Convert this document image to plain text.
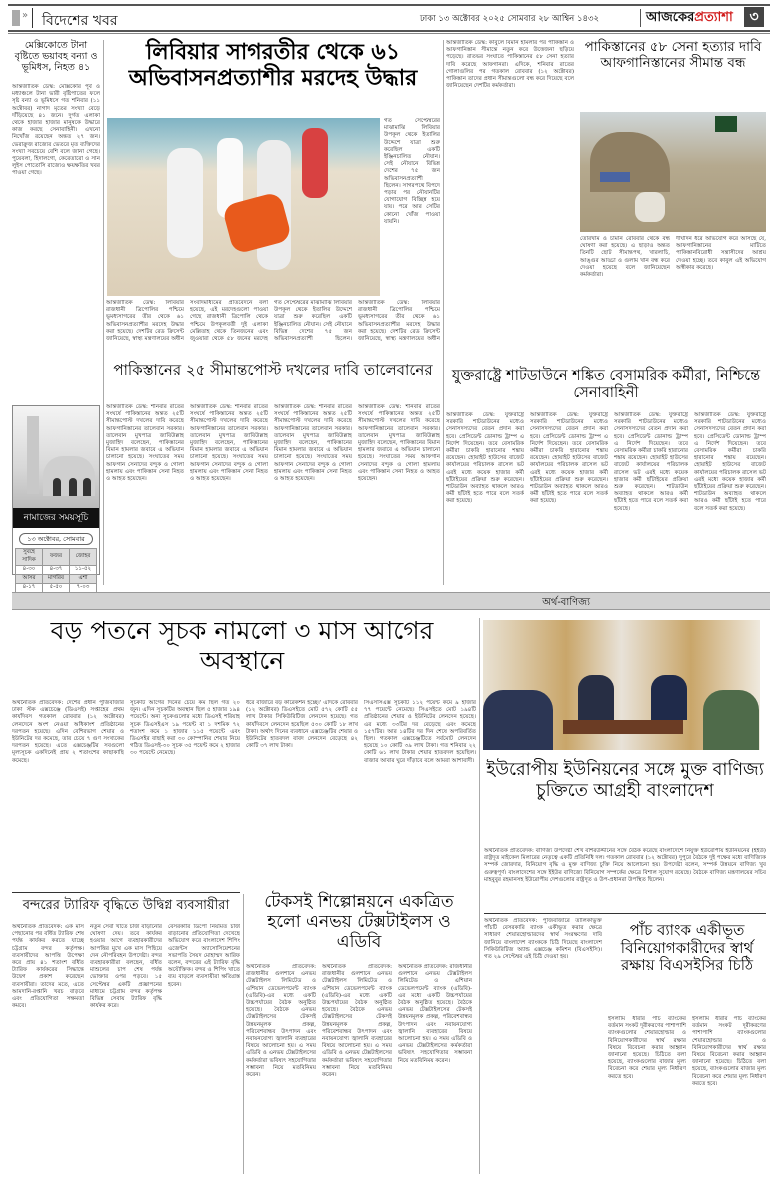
» বিদেশের খবর	ঢাকা ১৩ অক্টোবর ২০২৫ সোমবার ২৮ আশ্বিন ১৪৩২	আজকেরপ্রত্যাশা	৩
মেক্সিকোতে টানা বৃষ্টিতে ভয়াবহ বন্যা ও ভূমিধস, নিহত ৪১
আন্তর্জাতিক ডেস্ক: মেক্সিকোর পূর্ব ও মধ্যাঞ্চলে টানা ভারী বৃষ্টিপাতের ফলে সৃষ্ট বন্যা ও ভূমিধসে গত শনিবার (১১ অক্টোবর) নাগাদ মৃতের সংখ্যা বেড়ে দাঁড়িয়েছে ৪১ জনে। দুর্গত এলাকা থেকে হাজার হাজার মানুষকে উদ্ধারে কাজ করছে সেনাবাহিনী। এখনো নিখোঁজ রয়েছেন অন্তত ২৭ জন। ভেরাক্রুজ রাজ্যের ভেতরে মৃত ব্যক্তিদের সংখ্যা সবচেয়ে বেশি বলে জানা গেছে। পুয়েবলা, হিদালগো, কেরেতারো ও সান লুইস পোতোসি রাজ্যেও ক্ষয়ক্ষতির খবর পাওয়া গেছে।
লিবিয়ার সাগরতীর থেকে ৬১ অভিবাসনপ্রত্যাশীর মরদেহ উদ্ধার
গত সেপ্টেম্বরের মাঝামাঝি লিবিয়ার উপকূল থেকে ইতালির উদ্দেশে যাত্রা শুরু করেছিল একটি ইঞ্জিনচালিত নৌযান। সেই নৌযানে বিভিন্ন দেশের ৭৫ জন অভিবাসনপ্রত্যাশী ছিলেন। সাগরপথে বিপদে পড়ার পর নৌযানটির যোগাযোগ বিচ্ছিন্ন হয়ে যায়। পরে আর সেটির কোনো খোঁজ পাওয়া যায়নি।
আন্তর্জাতিক ডেস্ক: লিবিয়ার রাজধানী ত্রিপোলির পশ্চিমে ভূমধ্যসাগরের তীর থেকে ৬১ অভিবাসনপ্রত্যাশীর মরদেহ উদ্ধার করা হয়েছে। দেশটির রেড ক্রিসেন্ট জানিয়েছে, স্বাস্থ্য মন্ত্রণালয়ের অধীন
সংবাদমাধ্যমের প্রতিবেদনে বলা হয়েছে, এই মরদেহগুলো পাওয়া গেছে রাজধানী ত্রিপোলি থেকে পশ্চিমে উপকূলবর্তী দুই এলাকা মেল্লিতাহ থেকে তিনজনের এবং জুওয়ারা থেকে ৫৮ জনের মরদেহ
গত সেপ্টেম্বরের মাঝামাঝি লিবিয়ার উপকূল থেকে ইতালির উদ্দেশে যাত্রা শুরু করেছিল একটি ইঞ্জিনচালিত নৌযান। সেই নৌযানে বিভিন্ন দেশের ৭৫ জন অভিবাসনপ্রত্যাশী ছিলেন।
আন্তর্জাতিক ডেস্ক: লিবিয়ার রাজধানী ত্রিপোলির পশ্চিমে ভূমধ্যসাগরের তীর থেকে ৬১ অভিবাসনপ্রত্যাশীর মরদেহ উদ্ধার করা হয়েছে। দেশটির রেড ক্রিসেন্ট জানিয়েছে, স্বাস্থ্য মন্ত্রণালয়ের অধীন
আন্তর্জাতিক ডেস্ক: কাবুলে বিমান হামলার পর পাকিস্তান ও আফগানিস্তান সীমান্তে নতুন করে উত্তেজনা ছড়িয়ে পড়েছে। রাতভর সংঘাতে পাকিস্তানের ৫৮ সেনা হত্যার দাবি করেছে আফগানরা। এদিকে, শনিবার রাতের গোলাগুলির পর গতকাল রোববার (১২ অক্টোবর) পাকিস্তান তাদের প্রধান সীমান্তগুলো বন্ধ করে দিয়েছে বলে জানিয়েছেন দেশটির কর্মকর্তারা।
পাকিস্তানের ৫৮ সেনা হত্যার দাবি আফগানিস্তানের সীমান্ত বন্ধ
তোরখাম ও চামান রোববার থেকে বন্ধ ঘোষণা করা হয়েছে। এ ছাড়াও অন্তত তিনটি ছোট সীমান্তপথ, খারলাচি, আঙ্গুর আড্ডা ও গুলাম খান বন্ধ করে দেওয়া হয়েছে বলে জানিয়েছেন কর্মকর্তারা।
দীর্ঘদিন ধরে অভিযোগ করে আসছে যে, আফগানিস্তানের মাটিতে পাকিস্তানবিরোধী সন্ত্রাসীদের আশ্রয় দেওয়া হচ্ছে। তবে কাবুল এই অভিযোগ অস্বীকার করেছে।
পাকিস্তানের ২৫ সীমান্তপোস্ট দখলের দাবি তালেবানের
আন্তর্জাতিক ডেস্ক: শনিবার রাতের সংঘর্ষে পাকিস্তানের অন্তত ২৫টি সীমান্তপোস্ট দখলের দাবি করেছে আফগানিস্তানের তালেবান সরকার। তালেবান মুখপাত্র জাবিউল্লাহ মুজাহিদ বলেছেন, পাকিস্তানের বিমান হামলার জবাবে এ অভিযান চালানো হয়েছে। সংঘাতের সময় আফগান সেনাদের বন্দুক ও গোলা হামলায় এবং পাকিস্তান সেনা নিহত ও আহত হয়েছেন।
আন্তর্জাতিক ডেস্ক: শনিবার রাতের সংঘর্ষে পাকিস্তানের অন্তত ২৫টি সীমান্তপোস্ট দখলের দাবি করেছে আফগানিস্তানের তালেবান সরকার। তালেবান মুখপাত্র জাবিউল্লাহ মুজাহিদ বলেছেন, পাকিস্তানের বিমান হামলার জবাবে এ অভিযান চালানো হয়েছে। সংঘাতের সময় আফগান সেনাদের বন্দুক ও গোলা হামলায় এবং পাকিস্তান সেনা নিহত ও আহত হয়েছেন।
আন্তর্জাতিক ডেস্ক: শনিবার রাতের সংঘর্ষে পাকিস্তানের অন্তত ২৫টি সীমান্তপোস্ট দখলের দাবি করেছে আফগানিস্তানের তালেবান সরকার। তালেবান মুখপাত্র জাবিউল্লাহ মুজাহিদ বলেছেন, পাকিস্তানের বিমান হামলার জবাবে এ অভিযান চালানো হয়েছে। সংঘাতের সময় আফগান সেনাদের বন্দুক ও গোলা হামলায় এবং পাকিস্তান সেনা নিহত ও আহত হয়েছেন।
আন্তর্জাতিক ডেস্ক: শনিবার রাতের সংঘর্ষে পাকিস্তানের অন্তত ২৫টি সীমান্তপোস্ট দখলের দাবি করেছে আফগানিস্তানের তালেবান সরকার। তালেবান মুখপাত্র জাবিউল্লাহ মুজাহিদ বলেছেন, পাকিস্তানের বিমান হামলার জবাবে এ অভিযান চালানো হয়েছে। সংঘাতের সময় আফগান সেনাদের বন্দুক ও গোলা হামলায় এবং পাকিস্তান সেনা নিহত ও আহত হয়েছেন।
নামাজের সময়সূচি
১৩ অক্টোবর, সোমবার
সুবহে সাদিক	ফজর	জোহর
৪-৩০	৪-৩৭	১১-৫২
আসর	মাগরিব	এশা
৪-১৭	৫-৫০	৭-০৩
যুক্তরাষ্ট্রে শাটডাউনে শঙ্কিত বেসামরিক কর্মীরা, নিশ্চিন্তে সেনাবাহিনী
আন্তর্জাতিক ডেস্ক: যুক্তরাষ্ট্রে সরকারি শাটডাউনের মধ্যেও সেনাসদস্যদের বেতন প্রদান করা হবে। প্রেসিডেন্ট ডোনাল্ড ট্রাম্প এ নির্দেশ দিয়েছেন। তবে বেসামরিক কর্মীরা চাকরি হারানোর শঙ্কায় রয়েছেন। হোয়াইট হাউসের বাজেট কার্যালয়ের পরিচালক রাসেল ভট এরই মধ্যে কয়েক হাজার কর্মী ছাঁটাইয়ের প্রক্রিয়া শুরু করেছেন। শাটডাউন অব্যাহত থাকলে আরও কর্মী ছাঁটাই হতে পারে বলে সতর্ক করা হয়েছে।
আন্তর্জাতিক ডেস্ক: যুক্তরাষ্ট্রে সরকারি শাটডাউনের মধ্যেও সেনাসদস্যদের বেতন প্রদান করা হবে। প্রেসিডেন্ট ডোনাল্ড ট্রাম্প এ নির্দেশ দিয়েছেন। তবে বেসামরিক কর্মীরা চাকরি হারানোর শঙ্কায় রয়েছেন। হোয়াইট হাউসের বাজেট কার্যালয়ের পরিচালক রাসেল ভট এরই মধ্যে কয়েক হাজার কর্মী ছাঁটাইয়ের প্রক্রিয়া শুরু করেছেন। শাটডাউন অব্যাহত থাকলে আরও কর্মী ছাঁটাই হতে পারে বলে সতর্ক করা হয়েছে।
আন্তর্জাতিক ডেস্ক: যুক্তরাষ্ট্রে সরকারি শাটডাউনের মধ্যেও সেনাসদস্যদের বেতন প্রদান করা হবে। প্রেসিডেন্ট ডোনাল্ড ট্রাম্প এ নির্দেশ দিয়েছেন। তবে বেসামরিক কর্মীরা চাকরি হারানোর শঙ্কায় রয়েছেন। হোয়াইট হাউসের বাজেট কার্যালয়ের পরিচালক রাসেল ভট এরই মধ্যে কয়েক হাজার কর্মী ছাঁটাইয়ের প্রক্রিয়া শুরু করেছেন। শাটডাউন অব্যাহত থাকলে আরও কর্মী ছাঁটাই হতে পারে বলে সতর্ক করা হয়েছে।
আন্তর্জাতিক ডেস্ক: যুক্তরাষ্ট্রে সরকারি শাটডাউনের মধ্যেও সেনাসদস্যদের বেতন প্রদান করা হবে। প্রেসিডেন্ট ডোনাল্ড ট্রাম্প এ নির্দেশ দিয়েছেন। তবে বেসামরিক কর্মীরা চাকরি হারানোর শঙ্কায় রয়েছেন। হোয়াইট হাউসের বাজেট কার্যালয়ের পরিচালক রাসেল ভট এরই মধ্যে কয়েক হাজার কর্মী ছাঁটাইয়ের প্রক্রিয়া শুরু করেছেন। শাটডাউন অব্যাহত থাকলে আরও কর্মী ছাঁটাই হতে পারে বলে সতর্ক করা হয়েছে।
অর্থ-বাণিজ্য
বড় পতনে সূচক নামলো ৩ মাস আগের অবস্থানে
অর্থনৈতিক প্রতিবেদক: দেশের প্রধান পুঁজিবাজার ঢাকা স্টক এক্সচেঞ্জে (ডিএসই) সপ্তাহের প্রথম কার্যদিবস গতকাল রোববার (১২ অক্টোবর) লেনদেনে অংশ নেওয়া অধিকাংশ প্রতিষ্ঠানের দরপতন হয়েছে। এদিন বেশিরভাগ শেয়ার ও ইউনিটের দর কমেছে, তার চেয়ে ৭ গুণ সংখ্যকের দরপতন হয়েছে। এতে এক্সচেঞ্জটির সবগুলো মূল্যসূচক একদিনেই প্রায় ২ শতাংশের কাছাকাছি কমেছে।
সূচকটি আগের দিনের চেয়ে কম ছিল গত ২০ জুন। এদিন সূচকটির অবস্থান ছিল ৫ হাজার ১৯৪ পয়েন্টে। অন্য সূচকগুলোর মধ্যে ডিএসই শরিয়াহ সূচক ডিএসইএস ১৯ পয়েন্ট বা ১ দশমিক ৭২ শতাংশ কমে ১ হাজার ১১৫ পয়েন্টে এবং ডিএসইর বাছাই করা ৩০ কোম্পানির শেয়ার নিয়ে গঠিত ডিএসই-৩০ সূচক ৩৫ পয়েন্ট কমে ২ হাজার ৩০ পয়েন্টে নেমেছে।
ধরে বাজারে বড় কারেকশন হচ্ছে।' এদিকে রোববার (১২ অক্টোবর) ডিএসইতে মোট ৫৭২ কোটি ৫৫ লাখ টাকার সিকিউরিটিজ লেনদেন হয়েছে। গত কার্যদিবসে লেনদেন হয়েছিল ৫৩০ কোটি ১৮ লাখ টাকা। অর্থাৎ দিনের ব্যবধানে এক্সচেঞ্জটির শেয়ার ও ইউনিটের হাতবদল বাবদ লেনদেন বেড়েছে ৪২ কোটি ৩৭ লাখ টাকা।
সিএসসিএক্স সূচকটি ১১২ পয়েন্ট কমে ৯ হাজার ৭৭ পয়েন্টে নেমেছে। সিএসইতে মোট ১৯৪টি প্রতিষ্ঠানের শেয়ার ও ইউনিটের লেনদেন হয়েছে। এর মধ্যে ৩৩টির দর বেড়েছে এবং কমেছে ১৫৭টির। আর ১৪টির দর দিন শেষে অপরিবর্তিত ছিল। গতকাল এক্সচেঞ্জটিতে সর্বমোট লেনদেন হয়েছে ১০ কোটি ৩৯ লাখ টাকা। গত শনিবার ২২ কোটি ৬১ লাখ টাকার শেয়ার হাতবদল হয়েছিল। বাজার আবার ঘুরে দাঁড়াবে বলে আমরা আশাবাদী। ইউরোপীয় ইউনিয়নের সঙ্গে মুক্ত বাণিজ্য চুক্তিতে আগ্রহী বাংলাদেশ
অর্থনৈতিক প্রতিবেদক: বাণিজ্য উপদেষ্টা শেখ বশিরউদ্দীনের সঙ্গে বৈঠক করেছে বাংলাদেশে নিযুক্ত ইউরোপীয় ইউনিয়নের (ইইউ) রাষ্ট্রদূত মাইকেল মিলারের নেতৃত্বে একটি প্রতিনিধি দল। গতকাল রোববার (১২ অক্টোবর) দুপুরে বৈঠকে দুই পক্ষের মধ্যে বাণিজ্যিক সম্পর্ক জোরদার, বিনিয়োগ বৃদ্ধি ও মুক্ত বাণিজ্য চুক্তি নিয়ে আলোচনা হয়। উপদেষ্টা বলেন, সম্পর্ক উন্নয়নে বাণিজ্য খুব গুরুত্বপূর্ণ। বাংলাদেশের সঙ্গে ইইউর বাণিজ্যে বিনিয়োগ সম্পর্কের ক্ষেত্রে বিশাল সুযোগ রয়েছে। বৈঠকে বাণিজ্য মন্ত্রণালয়ের সচিব মাহবুবুর রহমানসহ ইউরোপীয় দেশগুলোর রাষ্ট্রদূত ও উপ-প্রধানরা উপস্থিত ছিলেন।
বন্দরের ট্যারিফ বৃদ্ধিতে উদ্বিগ্ন ব্যবসায়ীরা
অর্থনৈতিক প্রতিবেদক: এক মাস পেছানোর পর বর্ধিত ট্যারিফ শেষ পর্যন্ত কার্যকর করতে যাচ্ছে চট্টগ্রাম বন্দর কর্তৃপক্ষ। ব্যবসায়ীদের আপত্তি উপেক্ষা করে প্রায় ৪১ শতাংশ বর্ধিত ট্যারিফ কার্যকরের সিদ্ধান্তে উদ্বেগ প্রকাশ করেছেন ব্যবসায়ীরা। তাদের মতে, এতে আমদানি-রপ্তানি খরচ বাড়বে এবং প্রতিযোগিতা সক্ষমতা কমবে।
নতুন সেবা খাতে চার্জ বাড়ানোর ঘোষণা দেয়। তবে কার্যকর হওয়ার আগে ব্যবহারকারীদের আপত্তির মুখে এক মাস পিছিয়ে দেন নৌপরিবহন উপদেষ্টা। বন্দর ব্যবহারকারীরা বলছেন, বর্ধিত মাশুলের চাপ শেষ পর্যন্ত ভোক্তার ওপর পড়বে। ১৫ সেপ্টেম্বর একটি প্রজ্ঞাপনের মাধ্যমে চট্টগ্রাম বন্দর কর্তৃপক্ষ বিভিন্ন সেবায় ট্যারিফ বৃদ্ধি কার্যকর করে।
বেসরকারি ডিপো নিয়মিত চার্জ বাড়ানোর প্রতিযোগিতা দেখেছে অভিযোগ করে বাংলাদেশ শিপিং এজেন্টস অ্যাসোসিয়েশনের সভাপতি সৈয়দ মোহাম্মদ আরিফ বলেন, বন্দরের এই ট্যারিফ বৃদ্ধি অযৌক্তিক। বন্দর ও শিপিং খাতে ব্যয় বাড়লে ব্যবসায়ীরা ক্ষতিগ্রস্ত হবেন।
টেকসই শিল্পোন্নয়নে একত্রিত হলো এনভয় টেক্সটাইলস ও এডিবি
অর্থনৈতিক প্রতিবেদক: রাজধানীর গুলশানে এনভয় টেক্সটাইলস লিমিটেড ও এশিয়ান ডেভেলপমেন্ট ব্যাংক (এডিবি)-এর মধ্যে একটি উচ্চপর্যায়ের বৈঠক অনুষ্ঠিত হয়েছে। বৈঠকে এনভয় টেক্সটাইলসের টেকসই উন্নয়নমূলক প্রকল্প, পরিবেশবান্ধব উৎপাদন এবং নবায়নযোগ্য জ্বালানি ব্যবহারের বিষয়ে আলোচনা হয়। এ সময় এডিবি ও এনভয় টেক্সটাইলসের কর্মকর্তারা ভবিষ্যৎ সহযোগিতার সম্ভাবনা নিয়ে মতবিনিময় করেন।
অর্থনৈতিক প্রতিবেদক: রাজধানীর গুলশানে এনভয় টেক্সটাইলস লিমিটেড ও এশিয়ান ডেভেলপমেন্ট ব্যাংক (এডিবি)-এর মধ্যে একটি উচ্চপর্যায়ের বৈঠক অনুষ্ঠিত হয়েছে। বৈঠকে এনভয় টেক্সটাইলসের টেকসই উন্নয়নমূলক প্রকল্প, পরিবেশবান্ধব উৎপাদন এবং নবায়নযোগ্য জ্বালানি ব্যবহারের বিষয়ে আলোচনা হয়। এ সময় এডিবি ও এনভয় টেক্সটাইলসের কর্মকর্তারা ভবিষ্যৎ সহযোগিতার সম্ভাবনা নিয়ে মতবিনিময় করেন।
অর্থনৈতিক প্রতিবেদক: রাজধানীর গুলশানে এনভয় টেক্সটাইলস লিমিটেড ও এশিয়ান ডেভেলপমেন্ট ব্যাংক (এডিবি)-এর মধ্যে একটি উচ্চপর্যায়ের বৈঠক অনুষ্ঠিত হয়েছে। বৈঠকে এনভয় টেক্সটাইলসের টেকসই উন্নয়নমূলক প্রকল্প, পরিবেশবান্ধব উৎপাদন এবং নবায়নযোগ্য জ্বালানি ব্যবহারের বিষয়ে আলোচনা হয়। এ সময় এডিবি ও এনভয় টেক্সটাইলসের কর্মকর্তারা ভবিষ্যৎ সহযোগিতার সম্ভাবনা নিয়ে মতবিনিময় করেন।
অর্থনৈতিক প্রতিবেদক: পুঁজিবাজারে তালিকাভুক্ত পাঁচটি বেসরকারি ব্যাংক একীভূত করার ক্ষেত্রে সাধারণ শেয়ারহোল্ডারদের স্বার্থ সংরক্ষণের দাবি জানিয়ে বাংলাদেশ ব্যাংককে চিঠি দিয়েছে বাংলাদেশ সিকিউরিটিজ অ্যান্ড এক্সচেঞ্জ কমিশন (বিএসইসি)। গত ২৯ সেপ্টেম্বর এই চিঠি দেওয়া হয়।
পাঁচ ব্যাংক একীভূত বিনিয়োগকারীদের স্বার্থ রক্ষায় বিএসইসির চিঠি
ইসলামি ধারার পাঁচ ব্যাংকের বর্তমান সংকট দূরীকরণের পাশাপাশি ব্যাংকগুলোর শেয়ারহোল্ডার ও বিনিয়োগকারীদের স্বার্থ রক্ষার বিষয়ে বিবেচনা করার আহ্বান জানানো হয়েছে। চিঠিতে বলা হয়েছে, ব্যাংকগুলোর বাজার মূল্য বিবেচনা করে শেয়ার মূল্য নির্ধারণ করতে হবে।
ইসলামি ধারার পাঁচ ব্যাংকের বর্তমান সংকট দূরীকরণের পাশাপাশি ব্যাংকগুলোর শেয়ারহোল্ডার ও বিনিয়োগকারীদের স্বার্থ রক্ষার বিষয়ে বিবেচনা করার আহ্বান জানানো হয়েছে। চিঠিতে বলা হয়েছে, ব্যাংকগুলোর বাজার মূল্য বিবেচনা করে শেয়ার মূল্য নির্ধারণ করতে হবে।
